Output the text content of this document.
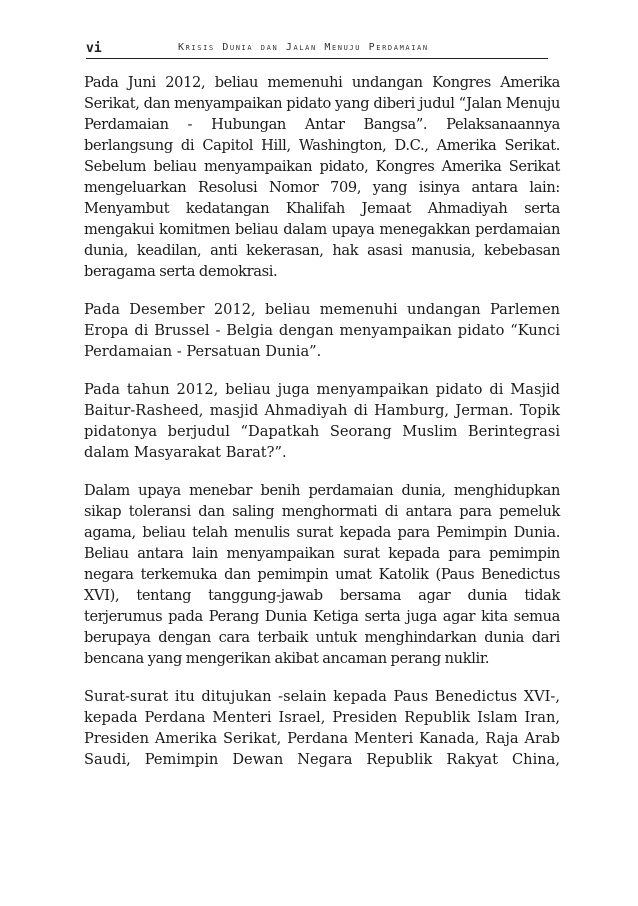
vi	Krisis Dunia dan Jalan Menuju Perdamaian

Pada Juni 2012, beliau memenuhi undangan Kongres Amerika Serikat, dan menyampaikan pidato yang diberi judul “Jalan Menuju Perdamaian - Hubungan Antar Bangsa”. Pelaksanaannya berlangsung di Capitol Hill, Washington, D.C., Amerika Serikat. Sebelum beliau menyampaikan pidato, Kongres Amerika Serikat mengeluarkan Resolusi Nomor 709, yang isinya antara lain: Menyambut kedatangan Khalifah Jemaat Ahmadiyah serta mengakui komitmen beliau dalam upaya menegakkan perdamaian dunia, keadilan, anti kekerasan, hak asasi manusia, kebebasan beragama serta demokrasi.

Pada Desember 2012, beliau memenuhi undangan Parlemen Eropa di Brussel - Belgia dengan menyampaikan pidato “Kunci Perdamaian - Persatuan Dunia”.

Pada tahun 2012, beliau juga menyampaikan pidato di Masjid Baitur-Rasheed, masjid Ahmadiyah di Hamburg, Jerman. Topik pidatonya berjudul “Dapatkah Seorang Muslim Berintegrasi dalam Masyarakat Barat?”.

Dalam upaya menebar benih perdamaian dunia, menghidupkan sikap toleransi dan saling menghormati di antara para pemeluk agama, beliau telah menulis surat kepada para Pemimpin Dunia. Beliau antara lain menyampaikan surat kepada para pemimpin negara terkemuka dan pemimpin umat Katolik (Paus Benedictus XVI), tentang tanggung-jawab bersama agar dunia tidak terjerumus pada Perang Dunia Ketiga serta juga agar kita semua berupaya dengan cara terbaik untuk menghindarkan dunia dari bencana yang mengerikan akibat ancaman perang nuklir.

Surat-surat itu ditujukan -selain kepada Paus Benedictus XVI-, kepada Perdana Menteri Israel, Presiden Republik Islam Iran, Presiden Amerika Serikat, Perdana Menteri Kanada, Raja Arab Saudi, Pemimpin Dewan Negara Republik Rakyat China,
